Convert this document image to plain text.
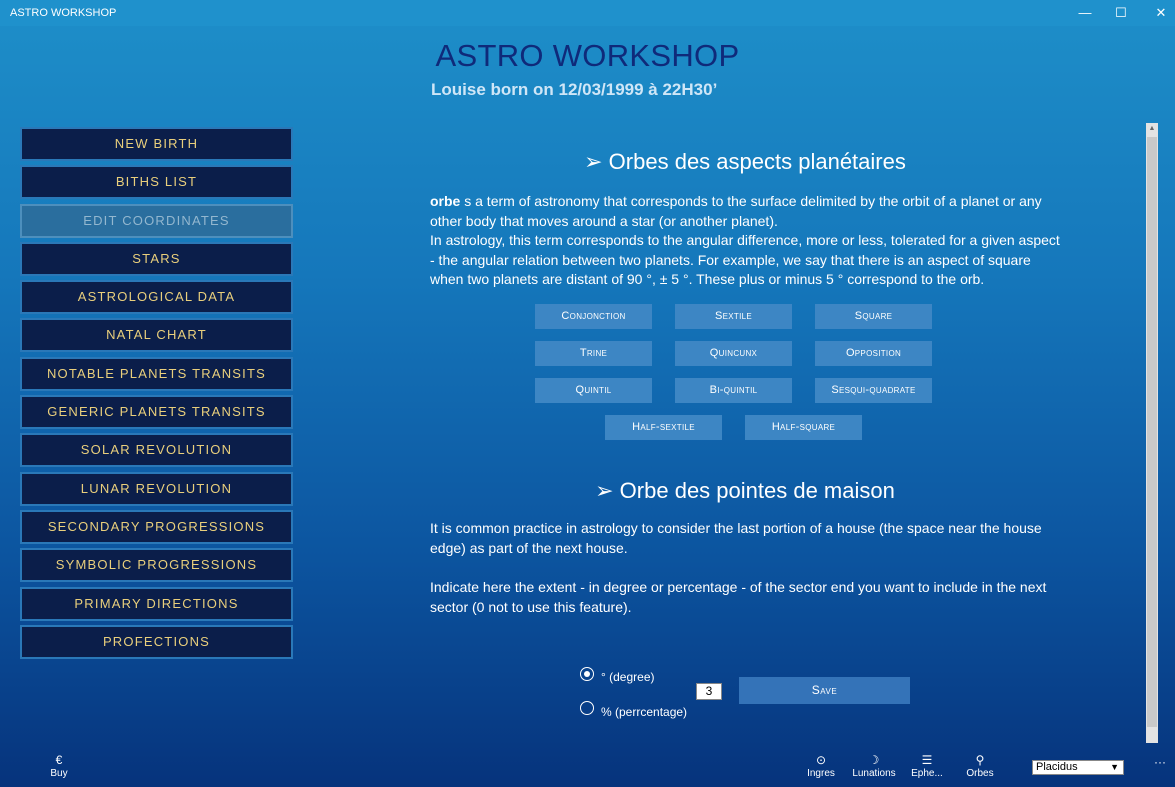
ASTRO WORKSHOP	—	☐	✕
ASTRO WORKSHOP
Louise born on 12/03/1999 à 22H30’
NEW BIRTH
BITHS LIST
EDIT COORDINATES
STARS
ASTROLOGICAL DATA
NATAL CHART
NOTABLE PLANETS TRANSITS
GENERIC PLANETS TRANSITS
SOLAR REVOLUTION
LUNAR REVOLUTION
SECONDARY PROGRESSIONS
SYMBOLIC PROGRESSIONS
PRIMARY DIRECTIONS
PROFECTIONS
➢ Orbes des aspects planétaires
orbe s a term of astronomy that corresponds to the surface delimited by the orbit of a planet or any other body that moves around a star (or another planet).
In astrology, this term corresponds to the angular difference, more or less, tolerated for a given aspect - the angular relation between two planets. For example, we say that there is an aspect of square when two planets are distant of 90 °, ± 5 °. These plus or minus 5 ° correspond to the orb.
➢ Orbe des pointes de maison
It is common practice in astrology to consider the last portion of a house (the space near the house edge) as part of the next house.
Indicate here the extent - in degree or percentage - of the sector end you want to include in the next sector (0 not to use this feature).
Conjonction	Sextile	Square
Trine	Quincunx	Opposition
Quintil	Bi-quintil	Sesqui-quadrate
Half-sextile	Half-square
° (degree)
% (perrcentage)
3	Save
▲
€
Buy
⊙
Ingres
☽
Lunations
☰
Ephe...
⚲
Orbes
Placidus	▼	···
